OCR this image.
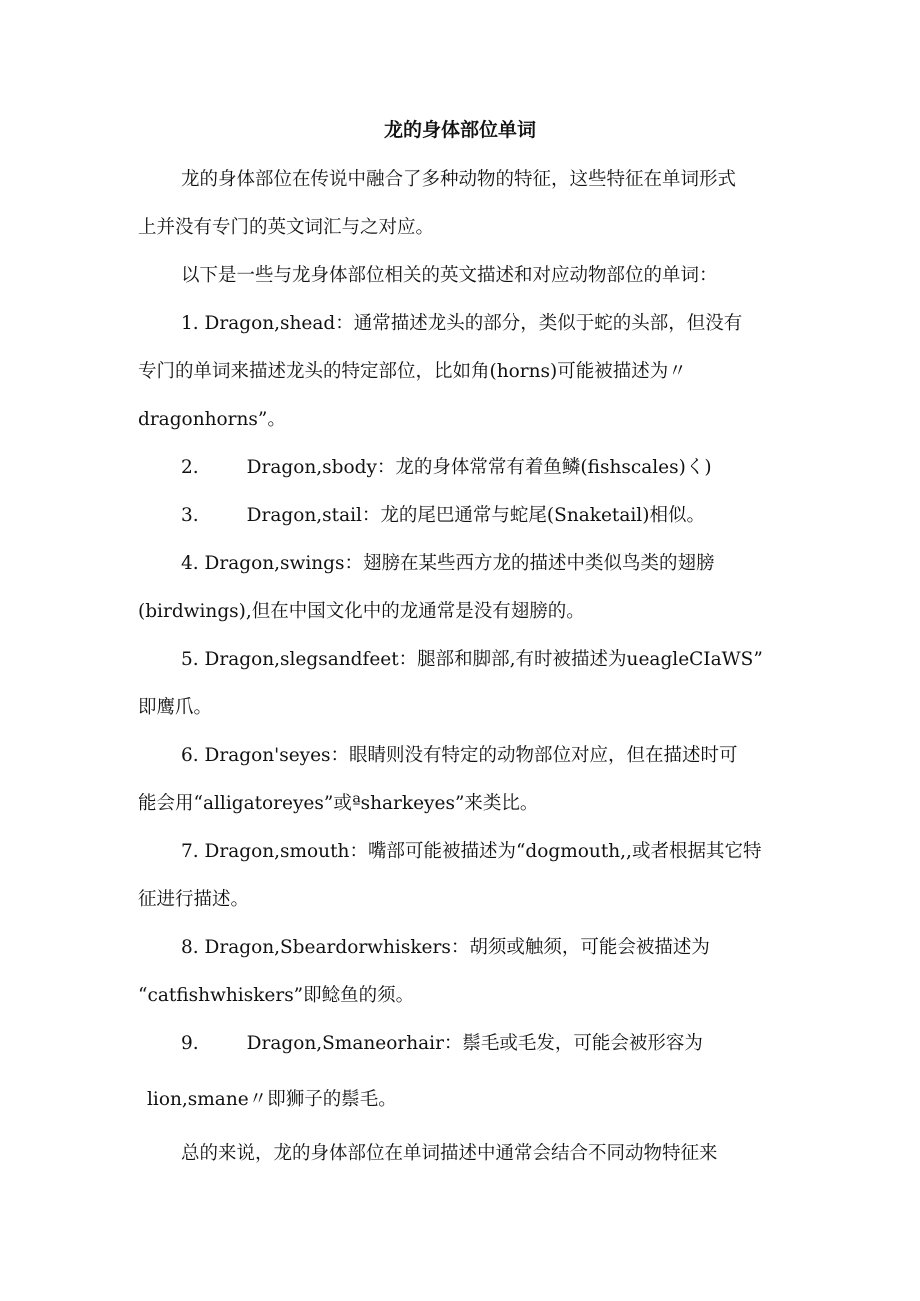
龙的身体部位单词

龙的身体部位在传说中融合了多种动物的特征，这些特征在单词形式

上并没有专门的英文词汇与之对应。

以下是一些与龙身体部位相关的英文描述和对应动物部位的单词：

1. Dragon,shead：通常描述龙头的部分，类似于蛇的头部，但没有

专门的单词来描述龙头的特定部位，比如角(horns)可能被描述为〃

dragonhorns”。

2.	Dragon,sbody：龙的身体常常有着鱼鳞(fishscales)く)

3.	Dragon,stail：龙的尾巴通常与蛇尾(Snaketail)相似。

4. Dragon,swings：翅膀在某些西方龙的描述中类似鸟类的翅膀

(birdwings),但在中国文化中的龙通常是没有翅膀的。

5. Dragon,slegsandfeet：腿部和脚部,有时被描述为ueagleCIaWS”

即鹰爪。

6. Dragon'seyes：眼睛则没有特定的动物部位对应，但在描述时可

能会用“alligatoreyes”或ªsharkeyes”来类比。

7. Dragon,smouth：嘴部可能被描述为“dogmouth,,或者根据其它特

征进行描述。

8. Dragon,Sbeardorwhiskers：胡须或触须，可能会被描述为

“catfishwhiskers”即鲶鱼的须。

9.	Dragon,Smaneorhair：鬃毛或毛发，可能会被形容为

lion,smane〃即狮子的鬃毛。

总的来说，龙的身体部位在单词描述中通常会结合不同动物特征来
